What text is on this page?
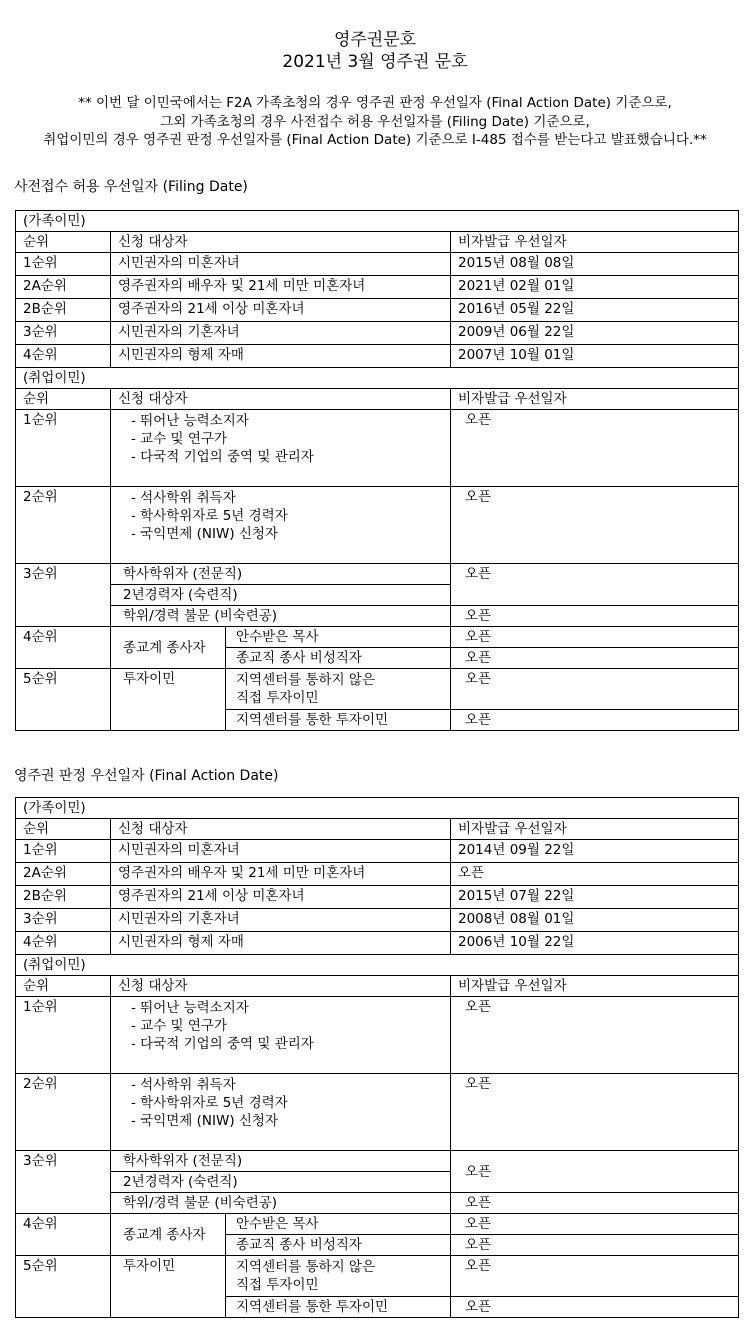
영주권문호
2021년 3월 영주권 문호
** 이번 달 이민국에서는 F2A 가족초청의 경우 영주권 판정 우선일자 (Final Action Date) 기준으로,
그외 가족초청의 경우 사전접수 허용 우선일자를 (Filing Date) 기준으로,
취업이민의 경우 영주권 판정 우선일자를 (Final Action Date) 기준으로 I-485 접수를 받는다고 발표했습니다.**
사전접수 허용 우선일자 (Filing Date)
(가족이민)			
순위	신청 대상자		비자발급 우선일자
1순위	시민권자의 미혼자녀		2015년 08월 08일
2A순위	영주권자의 배우자 및 21세 미만 미혼자녀		2021년 02월 01일
2B순위	영주권자의 21세 이상 미혼자녀		2016년 05월 22일
3순위	시민권자의 기혼자녀		2009년 06월 22일
4순위	시민권자의 형제 자매		2007년 10월 01일
(취업이민)			
순위	신청 대상자		비자발급 우선일자
1순위	- 뛰어난 능력소지자
- 교수 및 연구가
- 다국적 기업의 중역 및 관리자		오픈
2순위	- 석사학위 취득자
- 학사학위자로 5년 경력자
- 국익면제 (NIW) 신청자		오픈
3순위	학사학위자 (전문직)		오픈
	2년경력자 (숙련직)		
	학위/경력 불문 (비숙련공)		오픈
4순위	종교계 종사자	안수받은 목사	오픈
		종교직 종사 비성직자	오픈
5순위	투자이민	지역센터를 통하지 않은
직접 투자이민	오픈
		지역센터를 통한 투자이민	오픈
영주권 판정 우선일자 (Final Action Date)
(가족이민)			
순위	신청 대상자		비자발급 우선일자
1순위	시민권자의 미혼자녀		2014년 09월 22일
2A순위	영주권자의 배우자 및 21세 미만 미혼자녀		오픈
2B순위	영주권자의 21세 이상 미혼자녀		2015년 07월 22일
3순위	시민권자의 기혼자녀		2008년 08월 01일
4순위	시민권자의 형제 자매		2006년 10월 22일
(취업이민)			
순위	신청 대상자		비자발급 우선일자
1순위	- 뛰어난 능력소지자
- 교수 및 연구가
- 다국적 기업의 중역 및 관리자		오픈
2순위	- 석사학위 취득자
- 학사학위자로 5년 경력자
- 국익면제 (NIW) 신청자		오픈
3순위	학사학위자 (전문직)		오픈
	2년경력자 (숙련직)		
	학위/경력 불문 (비숙련공)		오픈
4순위	종교계 종사자	안수받은 목사	오픈
		종교직 종사 비성직자	오픈
5순위	투자이민	지역센터를 통하지 않은
직접 투자이민	오픈
		지역센터를 통한 투자이민	오픈
